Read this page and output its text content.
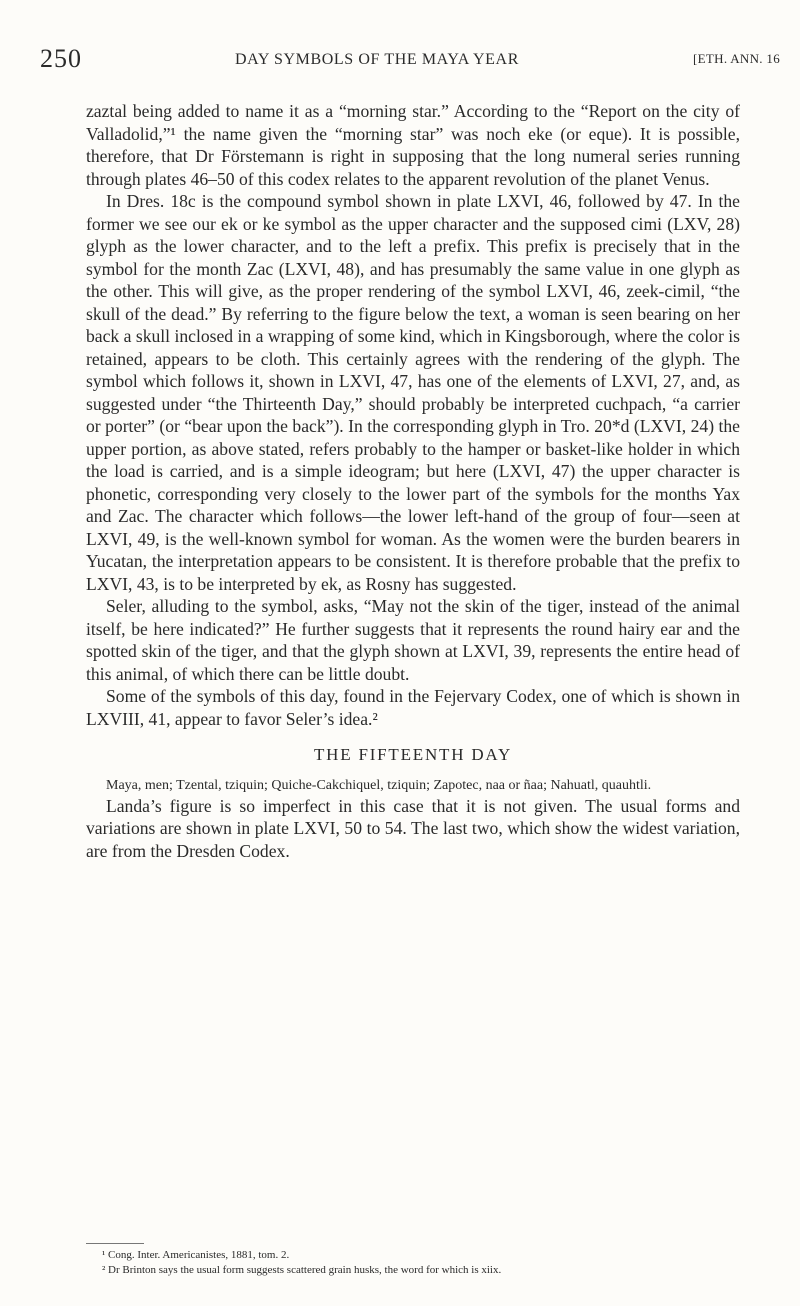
250	DAY SYMBOLS OF THE MAYA YEAR	[ETH. ANN. 16

zaztal being added to name it as a “morning star.” According to the “Report on the city of Valladolid,”¹ the name given the “morning star” was noch eke (or eque). It is possible, therefore, that Dr Förstemann is right in supposing that the long numeral series running through plates 46–50 of this codex relates to the apparent revolution of the planet Venus.

In Dres. 18c is the compound symbol shown in plate LXVI, 46, followed by 47. In the former we see our ek or ke symbol as the upper character and the supposed cimi (LXV, 28) glyph as the lower character, and to the left a prefix. This prefix is precisely that in the symbol for the month Zac (LXVI, 48), and has presumably the same value in one glyph as the other. This will give, as the proper rendering of the symbol LXVI, 46, zeek-cimil, “the skull of the dead.” By referring to the figure below the text, a woman is seen bearing on her back a skull inclosed in a wrapping of some kind, which in Kingsborough, where the color is retained, appears to be cloth. This certainly agrees with the rendering of the glyph. The symbol which follows it, shown in LXVI, 47, has one of the elements of LXVI, 27, and, as suggested under “the Thirteenth Day,” should probably be interpreted cuchpach, “a carrier or porter” (or “bear upon the back”). In the corresponding glyph in Tro. 20*d (LXVI, 24) the upper portion, as above stated, refers probably to the hamper or basket-like holder in which the load is carried, and is a simple ideogram; but here (LXVI, 47) the upper character is phonetic, corresponding very closely to the lower part of the symbols for the months Yax and Zac. The character which follows—the lower left-hand of the group of four—seen at LXVI, 49, is the well-known symbol for woman. As the women were the burden bearers in Yucatan, the interpretation appears to be consistent. It is therefore probable that the prefix to LXVI, 43, is to be interpreted by ek, as Rosny has suggested.

Seler, alluding to the symbol, asks, “May not the skin of the tiger, instead of the animal itself, be here indicated?” He further suggests that it represents the round hairy ear and the spotted skin of the tiger, and that the glyph shown at LXVI, 39, represents the entire head of this animal, of which there can be little doubt.

Some of the symbols of this day, found in the Fejervary Codex, one of which is shown in LXVIII, 41, appear to favor Seler’s idea.²

THE FIFTEENTH DAY

Maya, men; Tzental, tziquin; Quiche-Cakchiquel, tziquin; Zapotec, naa or ñaa; Nahuatl, quauhtli.

Landa’s figure is so imperfect in this case that it is not given. The usual forms and variations are shown in plate LXVI, 50 to 54. The last two, which show the widest variation, are from the Dresden Codex.

¹ Cong. Inter. Americanistes, 1881, tom. 2.
² Dr Brinton says the usual form suggests scattered grain husks, the word for which is xiix.
